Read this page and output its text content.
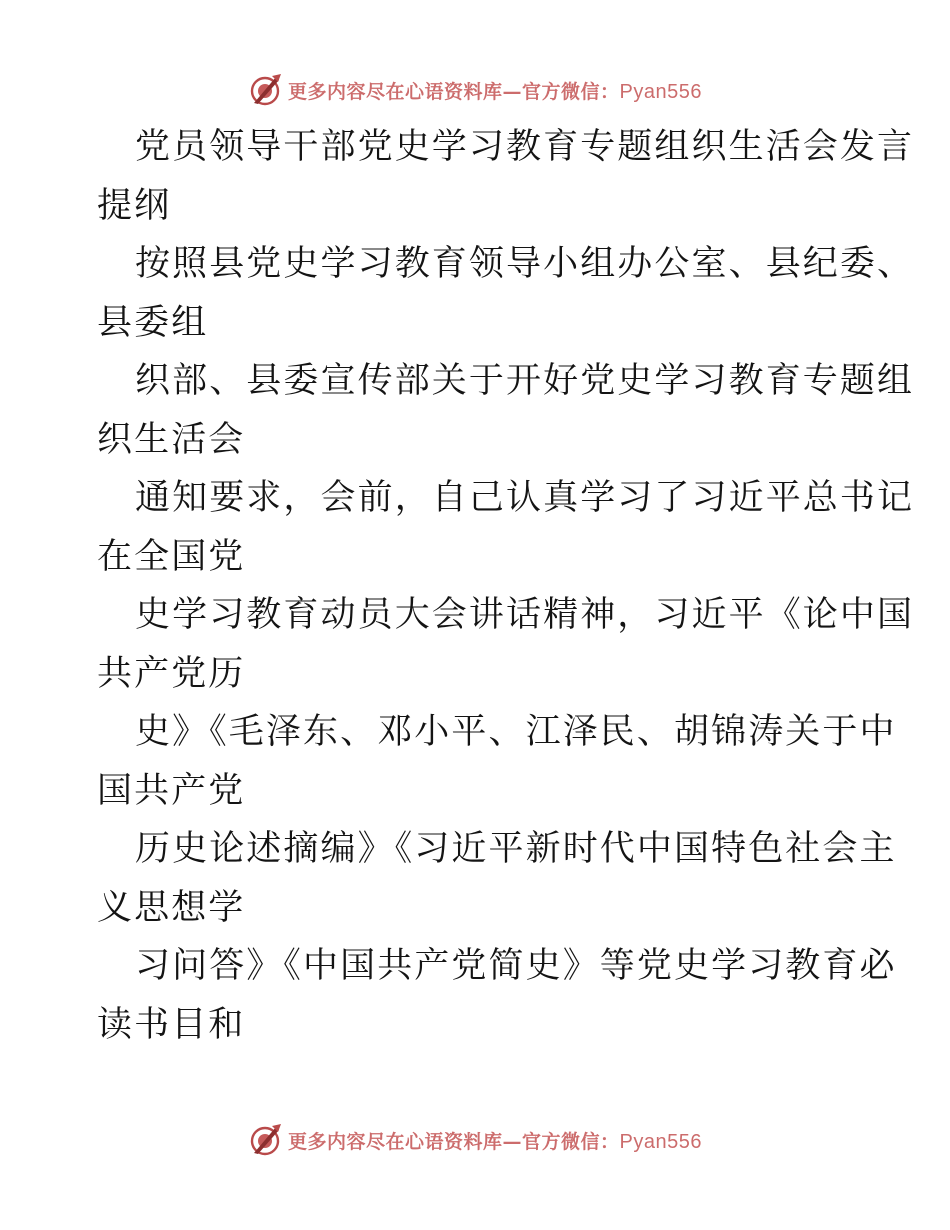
更多内容尽在心语资料库—官方微信：Pyan556
党员领导干部党史学习教育专题组织生活会发言
提纲
按照县党史学习教育领导小组办公室、县纪委、
县委组
织部、县委宣传部关于开好党史学习教育专题组
织生活会
通知要求，会前，自己认真学习了习近平总书记
在全国党
史学习教育动员大会讲话精神，习近平《论中国
共产党历
史》《毛泽东、邓小平、江泽民、胡锦涛关于中
国共产党
历史论述摘编》《习近平新时代中国特色社会主
义思想学
习问答》《中国共产党简史》等党史学习教育必
读书目和
更多内容尽在心语资料库—官方微信：Pyan556
